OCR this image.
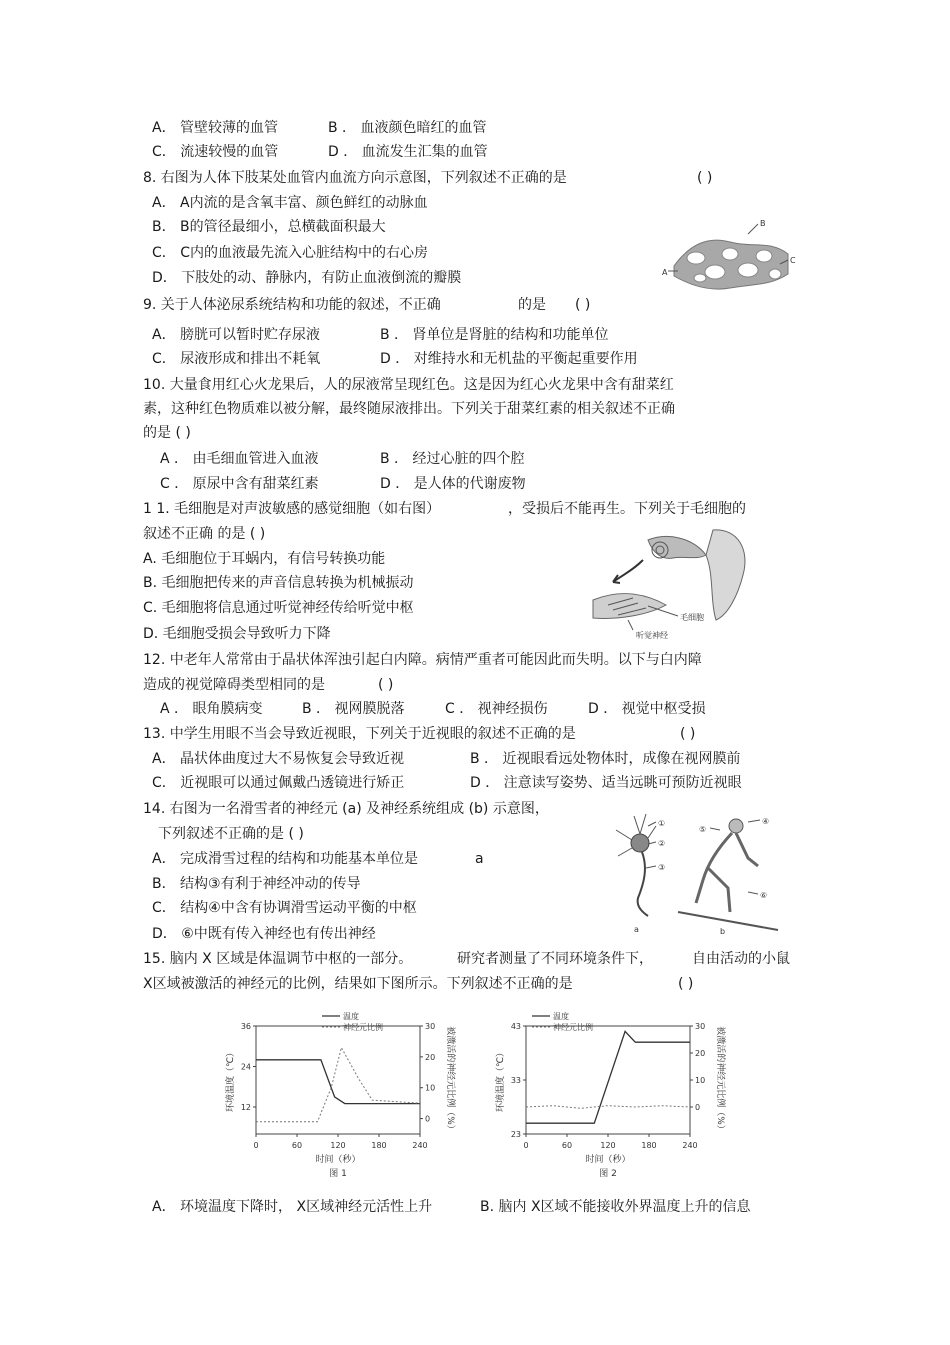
A． 管壁较薄的血管	B ． 血液颜色暗红的血管
C． 流速较慢的血管	D ． 血流发生汇集的血管
8. 右图为人体下肢某处血管内血流方向示意图，下列叙述不正确的是	( )
A． A内流的是含氧丰富、颜色鲜红的动脉血
B． B的管径最细小，总横截面积最大
C． C内的血液最先流入心脏结构中的右心房
D． 下肢处的动、静脉内，有防止血液倒流的瓣膜	A
B
C
9. 关于人体泌尿系统结构和功能的叙述，不正确	的是 ( )
A． 膀胱可以暂时贮存尿液	B ． 肾单位是肾脏的结构和功能单位
C． 尿液形成和排出不耗氧	D ． 对维持水和无机盐的平衡起重要作用
10. 大量食用红心火龙果后，人的尿液常呈现红色。这是因为红心火龙果中含有甜菜红
素，这种红色物质难以被分解，最终随尿液排出。下列关于甜菜红素的相关叙述不正确
的是 ( )
A ． 由毛细血管进入血液	B ． 经过心脏的四个腔
C ． 原尿中含有甜菜红素	D ． 是人体的代谢废物
1 1. 毛细胞是对声波敏感的感觉细胞（如右图）	，受损后不能再生。下列关于毛细胞的
叙述不正确 的是 ( )
A. 毛细胞位于耳蜗内，有信号转换功能
B. 毛细胞把传来的声音信息转换为机械振动
C. 毛细胞将信息通过听觉神经传给听觉中枢
D. 毛细胞受损会导致听力下降
毛细胞
听觉神经
12. 中老年人常常由于晶状体浑浊引起白内障。病情严重者可能因此而失明。以下与白内障
造成的视觉障碍类型相同的是	( )
A ． 眼角膜病变	B ． 视网膜脱落	C ． 视神经损伤	D ． 视觉中枢受损
13. 中学生用眼不当会导致近视眼，下列关于近视眼的叙述不正确的是	( )
A． 晶状体曲度过大不易恢复会导致近视	B ． 近视眼看远处物体时，成像在视网膜前
C． 近视眼可以通过佩戴凸透镜进行矫正	D ． 注意读写姿势、适当远眺可预防近视眼
14. 右图为一名滑雪者的神经元 (a) 及神经系统组成 (b) 示意图，
下列叙述不正确的是 ( )
A． 完成滑雪过程的结构和功能基本单位是	a
B． 结构③有利于神经冲动的传导
C． 结构④中含有协调滑雪运动平衡的中枢
D． ⑥中既有传入神经也有传出神经
①
②
③
a
④
⑤
⑥
b
15. 脑内 X 区域是体温调节中枢的一部分。	研究者测量了不同环境条件下，	自由活动的小鼠
X区域被激活的神经元的比例，结果如下图所示。下列叙述不正确的是	( )
温度
神经元比例
环境温度（℃）	被激活的神经元比例（%）
时间（秒）
图 1
0	60	120	180	240
12
24
36
0
10
20
30
温度
神经元比例
环境温度（℃）	被激活的神经元比例（%）
时间（秒）
图 2
0	60	120	180	240
23
33
43
0
10
20
30
A． 环境温度下降时， X区域神经元活性上升	B. 脑内 X区域不能接收外界温度上升的信息
